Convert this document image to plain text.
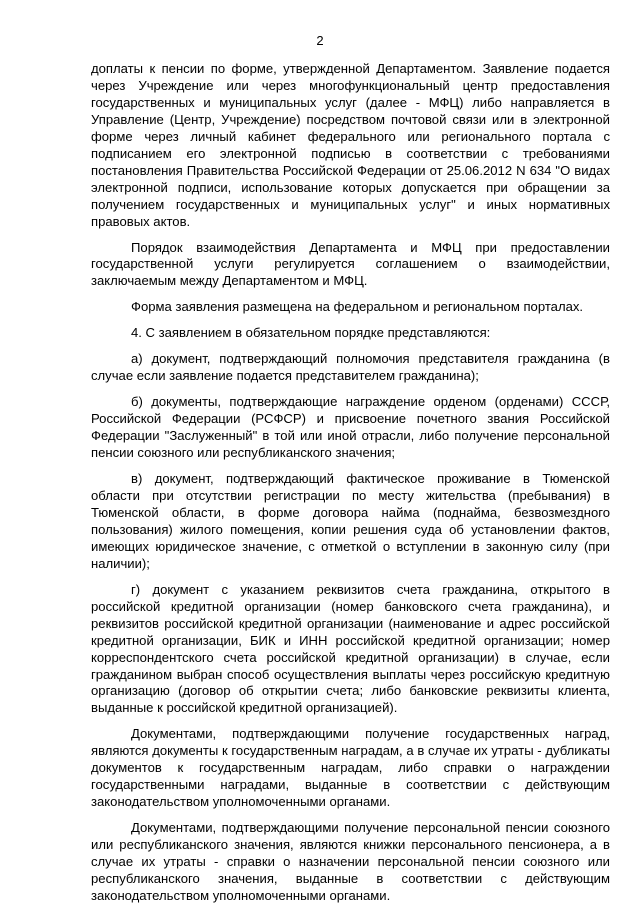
2

доплаты к пенсии по форме, утвержденной Департаментом. Заявление подается через Учреждение или через многофункциональный центр предоставления государственных и муниципальных услуг (далее - МФЦ) либо направляется в Управление (Центр, Учреждение) посредством почтовой связи или в электронной форме через личный кабинет федерального или регионального портала с подписанием его электронной подписью в соответствии с требованиями постановления Правительства Российской Федерации от 25.06.2012 N 634 "О видах электронной подписи, использование которых допускается при обращении за получением государственных и муниципальных услуг" и иных нормативных правовых актов.

Порядок взаимодействия Департамента и МФЦ при предоставлении государственной услуги регулируется соглашением о взаимодействии, заключаемым между Департаментом и МФЦ.

Форма заявления размещена на федеральном и региональном порталах.

4. С заявлением в обязательном порядке представляются:

а) документ, подтверждающий полномочия представителя гражданина (в случае если заявление подается представителем гражданина);

б) документы, подтверждающие награждение орденом (орденами) СССР, Российской Федерации (РСФСР) и присвоение почетного звания Российской Федерации "Заслуженный" в той или иной отрасли, либо получение персональной пенсии союзного или республиканского значения;

в) документ, подтверждающий фактическое проживание в Тюменской области при отсутствии регистрации по месту жительства (пребывания) в Тюменской области, в форме договора найма (поднайма, безвозмездного пользования) жилого помещения, копии решения суда об установлении фактов, имеющих юридическое значение, с отметкой о вступлении в законную силу (при наличии);

г) документ с указанием реквизитов счета гражданина, открытого в российской кредитной организации (номер банковского счета гражданина), и реквизитов российской кредитной организации (наименование и адрес российской кредитной организации, БИК и ИНН российской кредитной организации; номер корреспондентского счета российской кредитной организации) в случае, если гражданином выбран способ осуществления выплаты через российскую кредитную организацию (договор об открытии счета; либо банковские реквизиты клиента, выданные к российской кредитной организацией).

Документами, подтверждающими получение государственных наград, являются документы к государственным наградам, а в случае их утраты - дубликаты документов к государственным наградам, либо справки о награждении государственными наградами, выданные в соответствии с действующим законодательством уполномоченными органами.

Документами, подтверждающими получение персональной пенсии союзного или республиканского значения, являются книжки персонального пенсионера, а в случае их утраты - справки о назначении персональной пенсии союзного или республиканского значения, выданные в соответствии с действующим законодательством уполномоченными органами.
